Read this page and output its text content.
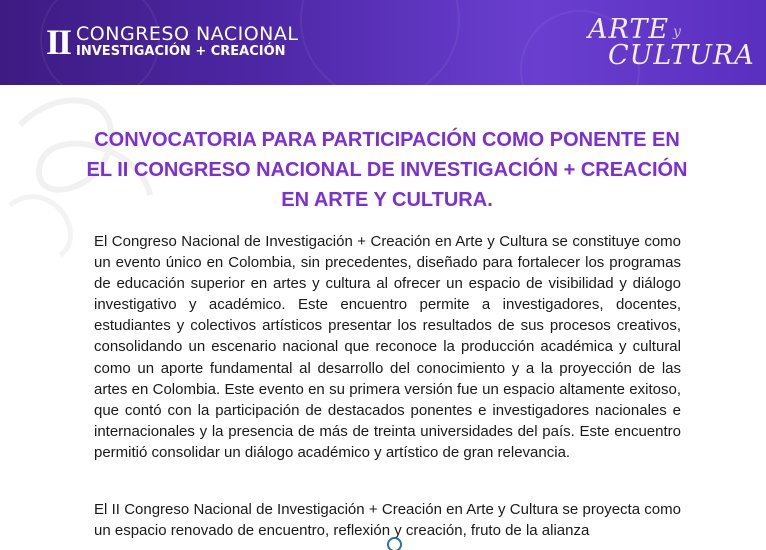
II CONGRESO NACIONAL
INVESTIGACIÓN + CREACIÓN
ARTE y
CULTURA
CONVOCATORIA PARA PARTICIPACIÓN COMO PONENTE EN EL II CONGRESO NACIONAL DE INVESTIGACIÓN + CREACIÓN EN ARTE Y CULTURA.

El Congreso Nacional de Investigación + Creación en Arte y Cultura se constituye como un evento único en Colombia, sin precedentes, diseñado para fortalecer los programas de educación superior en artes y cultura al ofrecer un espacio de visibilidad y diálogo investigativo y académico. Este encuentro permite a investigadores, docentes, estudiantes y colectivos artísticos presentar los resultados de sus procesos creativos, consolidando un escenario nacional que reconoce la producción académica y cultural como un aporte fundamental al desarrollo del conocimiento y a la proyección de las artes en Colombia. Este evento en su primera versión fue un espacio altamente exitoso, que contó con la participación de destacados ponentes e investigadores nacionales e internacionales y la presencia de más de treinta universidades del país. Este encuentro permitió consolidar un diálogo académico y artístico de gran relevancia.

El II Congreso Nacional de Investigación + Creación en Arte y Cultura se proyecta como un espacio renovado de encuentro, reflexión y creación, fruto de la alianza
